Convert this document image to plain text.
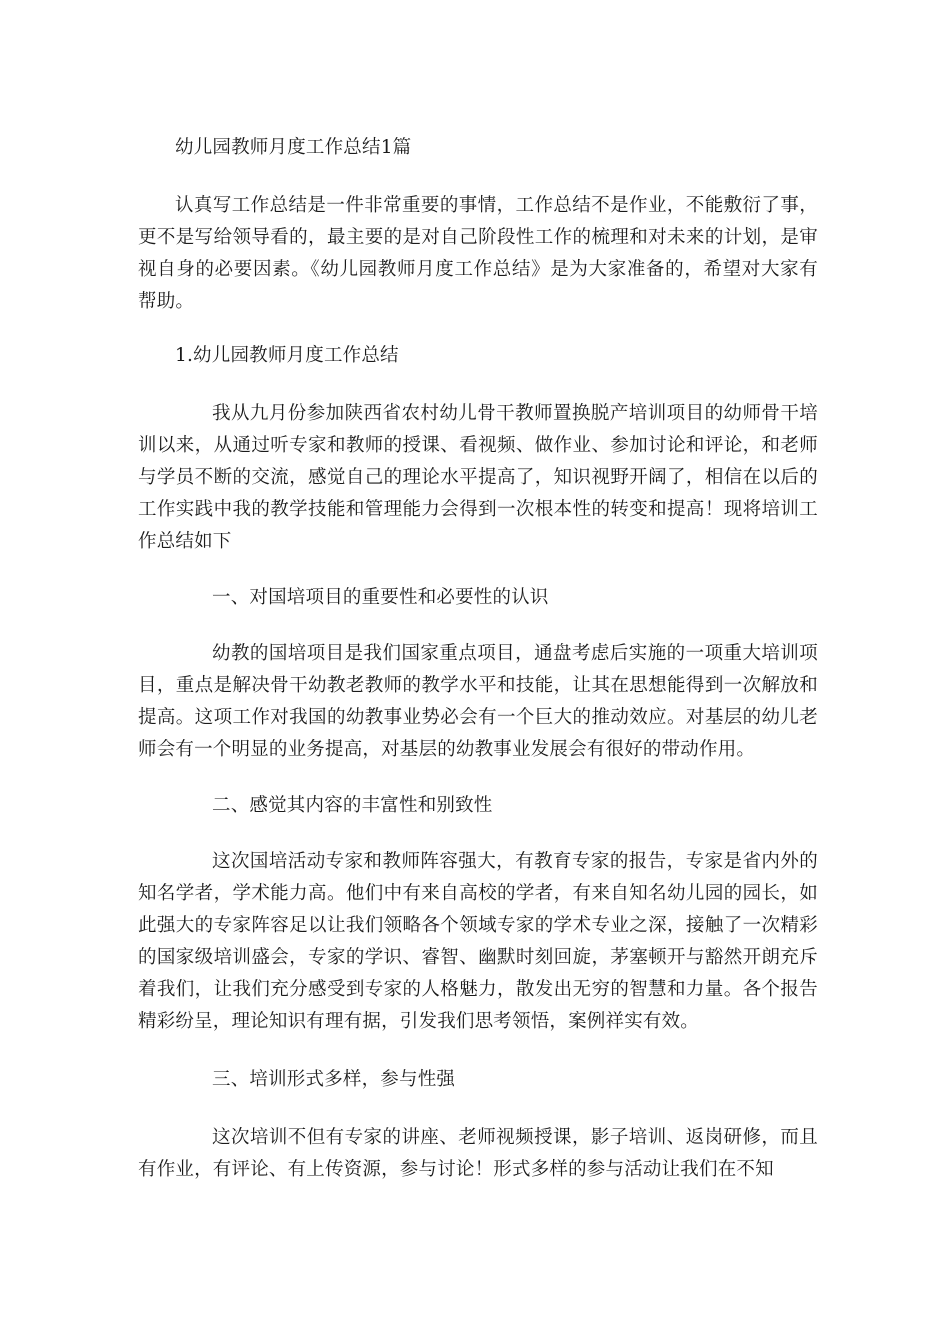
幼儿园教师月度工作总结1篇

认真写工作总结是一件非常重要的事情，工作总结不是作业，不能敷衍了事，更不是写给领导看的，最主要的是对自己阶段性工作的梳理和对未来的计划，是审视自身的必要因素。《幼儿园教师月度工作总结》是为大家准备的，希望对大家有帮助。

1.幼儿园教师月度工作总结

我从九月份参加陕西省农村幼儿骨干教师置换脱产培训项目的幼师骨干培训以来，从通过听专家和教师的授课、看视频、做作业、参加讨论和评论，和老师与学员不断的交流，感觉自己的理论水平提高了，知识视野开阔了，相信在以后的工作实践中我的教学技能和管理能力会得到一次根本性的转变和提高！现将培训工作总结如下

一、对国培项目的重要性和必要性的认识

幼教的国培项目是我们国家重点项目，通盘考虑后实施的一项重大培训项目，重点是解决骨干幼教老教师的教学水平和技能，让其在思想能得到一次解放和提高。这项工作对我国的幼教事业势必会有一个巨大的推动效应。对基层的幼儿老师会有一个明显的业务提高，对基层的幼教事业发展会有很好的带动作用。

二、感觉其内容的丰富性和别致性

这次国培活动专家和教师阵容强大，有教育专家的报告，专家是省内外的知名学者，学术能力高。他们中有来自高校的学者，有来自知名幼儿园的园长，如此强大的专家阵容足以让我们领略各个领域专家的学术专业之深，接触了一次精彩的国家级培训盛会，专家的学识、睿智、幽默时刻回旋，茅塞顿开与豁然开朗充斥着我们，让我们充分感受到专家的人格魅力，散发出无穷的智慧和力量。各个报告精彩纷呈，理论知识有理有据，引发我们思考领悟，案例祥实有效。

三、培训形式多样，参与性强

这次培训不但有专家的讲座、老师视频授课，影子培训、返岗研修，而且有作业，有评论、有上传资源，参与讨论！形式多样的参与活动让我们在不知
